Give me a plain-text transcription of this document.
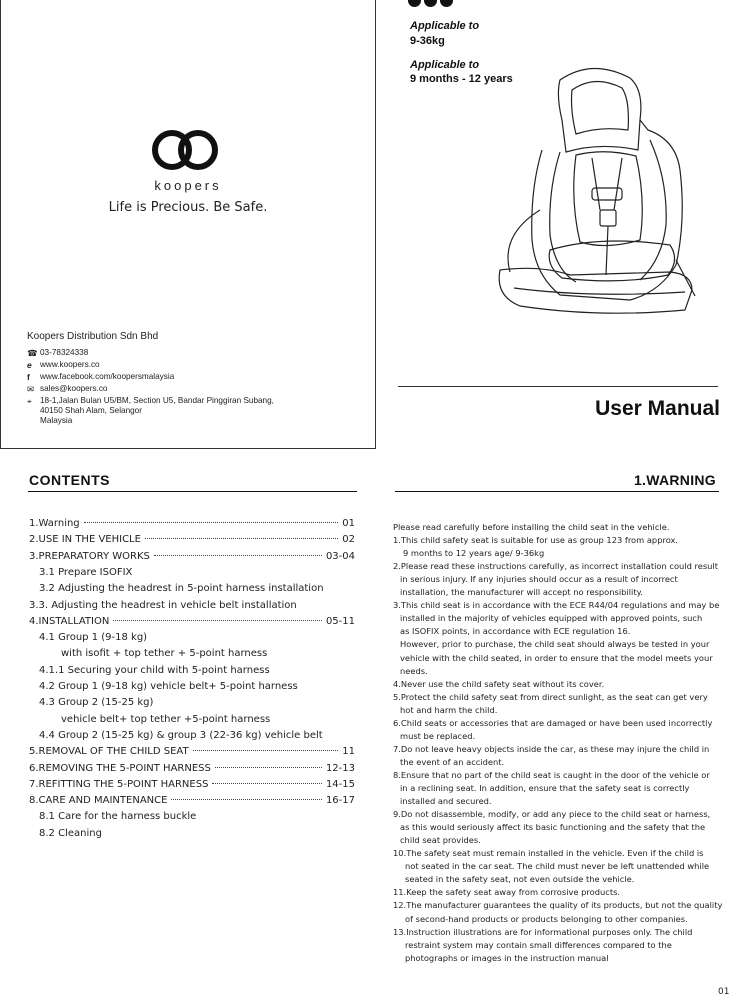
koopers
Life is Precious. Be Safe.
Koopers Distribution Sdn Bhd
☎ 03-78324338
e	www.koopers.co
f	www.facebook.com/koopersmalaysia
✉ sales@koopers.co
⌖	18-1,Jalan Bulan U5/BM, Section U5, Bandar Pinggiran Subang,
40150 Shah Alam, Selangor
Malaysia
Applicable to
9-36kg
Applicable to
9 months - 12 years
User Manual
CONTENTS
1.Warning	01
2.USE IN THE VEHICLE	02
3.PREPARATORY WORKS	03-04
3.1 Prepare ISOFIX
3.2 Adjusting the headrest in 5-point harness installation
3.3. Adjusting the headrest in vehicle belt installation
4.INSTALLATION	05-11
4.1 Group 1 (9-18 kg)
with isofit + top tether + 5-point harness
4.1.1 Securing your child with 5-point harness
4.2 Group 1 (9-18 kg) vehicle belt+ 5-point harness
4.3 Group 2 (15-25 kg)
vehicle belt+ top tether +5-point harness
4.4 Group 2 (15-25 kg) & group 3 (22-36 kg) vehicle belt
5.REMOVAL OF THE CHILD SEAT	11
6.REMOVING THE 5-POINT HARNESS	12-13
7.REFITTING THE 5-POINT HARNESS	14-15
8.CARE AND MAINTENANCE	16-17
8.1 Care for the harness buckle
8.2 Cleaning
1.WARNING
Please read carefully before installing the child seat in the vehicle.
1.This child safety seat is suitable for use as group 123 from approx.
9 months to 12 years age/ 9-36kg
2.Please read these instructions carefully, as incorrect installation could result
in serious injury. If any injuries should occur as a result of incorrect
installation, the manufacturer will accept no responsibility.
3.This child seat is in accordance with the ECE R44/04 regulations and may be
installed in the majority of vehicles equipped with approved points, such
as ISOFIX points, in accordance with ECE regulation 16.
However, prior to purchase, the child seat should always be tested in your
vehicle with the child seated, in order to ensure that the model meets your
needs.
4.Never use the child safety seat without its cover.
5.Protect the child safety seat from direct sunlight, as the seat can get very
hot and harm the child.
6.Child seats or accessories that are damaged or have been used incorrectly
must be replaced.
7.Do not leave heavy objects inside the car, as these may injure the child in
the event of an accident.
8.Ensure that no part of the child seat is caught in the door of the vehicle or
in a reclining seat. In addition, ensure that the safety seat is correctly
installed and secured.
9.Do not disassemble, modify, or add any piece to the child seat or harness,
as this would seriously affect its basic functioning and the safety that the
child seat provides.
10.The safety seat must remain installed in the vehicle. Even if the child is
not seated in the car seat. The child must never be left unattended while
seated in the safety seat, not even outside the vehicle.
11.Keep the safety seat away from corrosive products.
12.The manufacturer guarantees the quality of its products, but not the quality
of second-hand products or products belonging to other companies.
13.Instruction illustrations are for informational purposes only. The child
restraint system may contain small differences compared to the
photographs or images in the instruction manual
01
